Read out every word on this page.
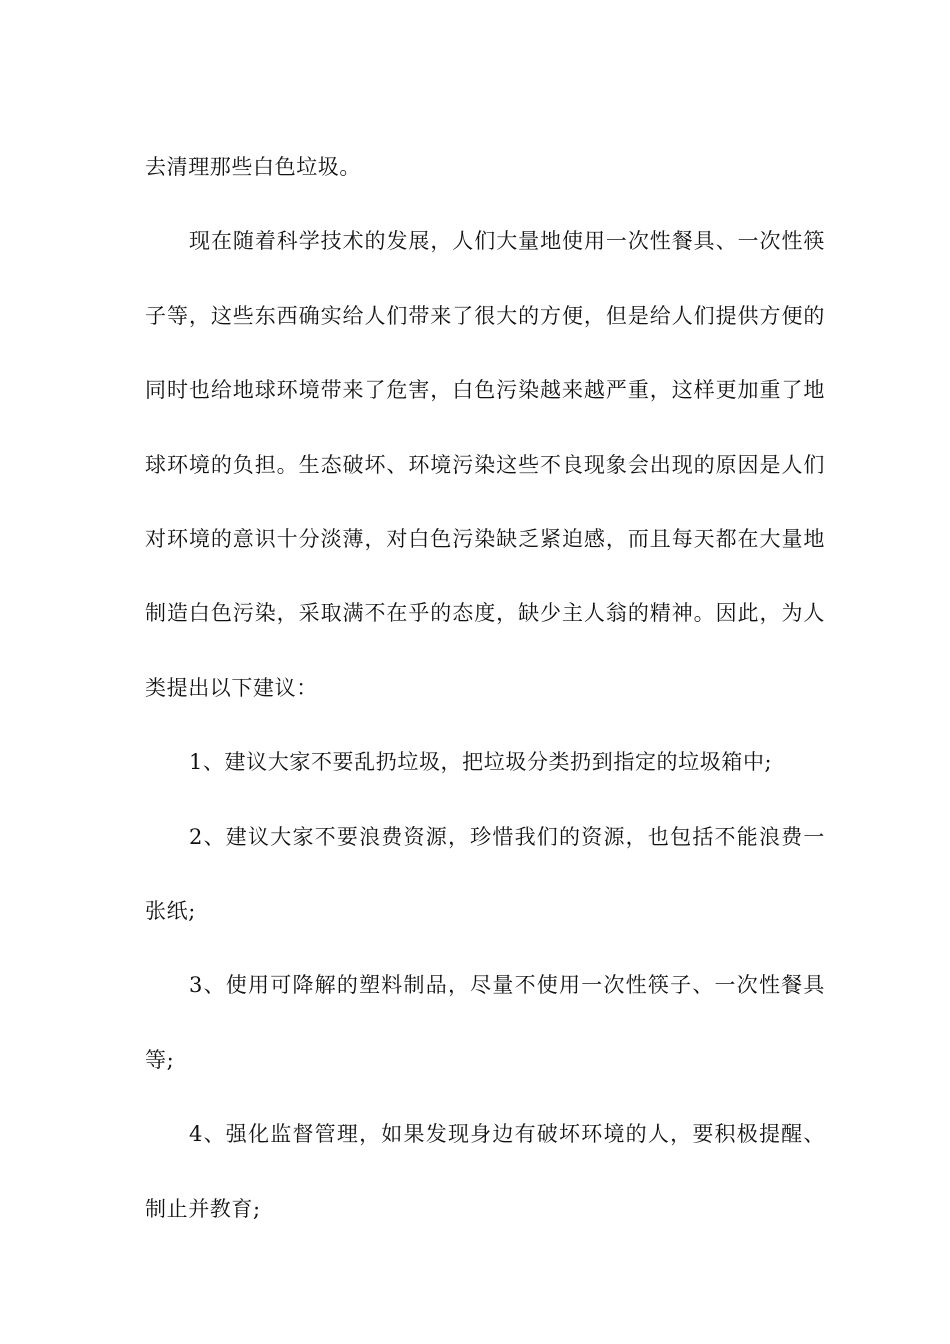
去清理那些白色垃圾。

现在随着科学技术的发展，人们大量地使用一次性餐具、一次性筷子等，这些东西确实给人们带来了很大的方便，但是给人们提供方便的同时也给地球环境带来了危害，白色污染越来越严重，这样更加重了地球环境的负担。生态破坏、环境污染这些不良现象会出现的原因是人们对环境的意识十分淡薄，对白色污染缺乏紧迫感，而且每天都在大量地制造白色污染，采取满不在乎的态度，缺少主人翁的精神。因此，为人类提出以下建议：

1、建议大家不要乱扔垃圾，把垃圾分类扔到指定的垃圾箱中;

2、建议大家不要浪费资源，珍惜我们的资源，也包括不能浪费一张纸;

3、使用可降解的塑料制品，尽量不使用一次性筷子、一次性餐具等;

4、强化监督管理，如果发现身边有破坏环境的人，要积极提醒、制止并教育;
